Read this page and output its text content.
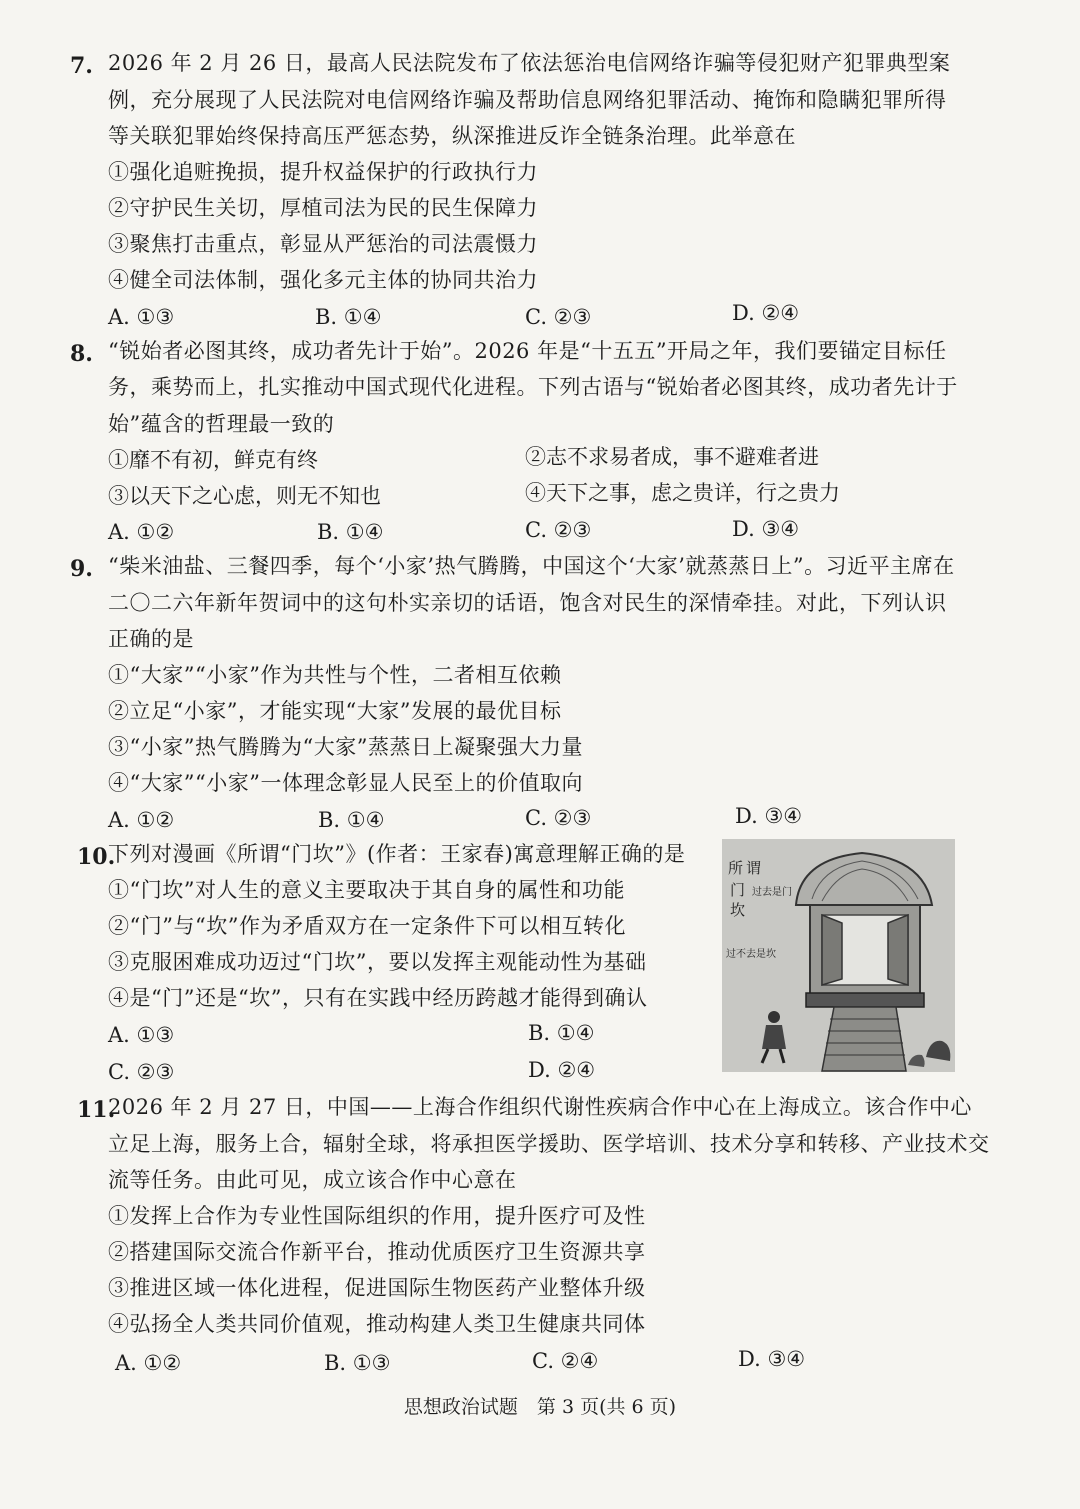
7. 2026 年 2 月 26 日，最高人民法院发布了依法惩治电信网络诈骗等侵犯财产犯罪典型案
例，充分展现了人民法院对电信网络诈骗及帮助信息网络犯罪活动、掩饰和隐瞒犯罪所得
等关联犯罪始终保持高压严惩态势，纵深推进反诈全链条治理。此举意在
①强化追赃挽损，提升权益保护的行政执行力
②守护民生关切，厚植司法为民的民生保障力
③聚焦打击重点，彰显从严惩治的司法震慑力
④健全司法体制，强化多元主体的协同共治力
A. ①③	B. ①④	C. ②③	D. ②④
8. “锐始者必图其终，成功者先计于始”。2026 年是“十五五”开局之年，我们要锚定目标任
务，乘势而上，扎实推动中国式现代化进程。下列古语与“锐始者必图其终，成功者先计于
始”蕴含的哲理最一致的
①靡不有初，鲜克有终	②志不求易者成，事不避难者进
③以天下之心虑，则无不知也	④天下之事，虑之贵详，行之贵力
A. ①②	B. ①④	C. ②③	D. ③④
9. “柴米油盐、三餐四季，每个‘小家’热气腾腾，中国这个‘大家’就蒸蒸日上”。习近平主席在
二〇二六年新年贺词中的这句朴实亲切的话语，饱含对民生的深情牵挂。对此，下列认识
正确的是
①“大家”“小家”作为共性与个性，二者相互依赖
②立足“小家”，才能实现“大家”发展的最优目标
③“小家”热气腾腾为“大家”蒸蒸日上凝聚强大力量
④“大家”“小家”一体理念彰显人民至上的价值取向
A. ①②	B. ①④	C. ②③	D. ③④
10.
下列对漫画《所谓“门坎”》(作者：王家春)寓意理解正确的是
①“门坎”对人生的意义主要取决于其自身的属性和功能
②“门”与“坎”作为矛盾双方在一定条件下可以相互转化
③克服困难成功迈过“门坎”，要以发挥主观能动性为基础
④是“门”还是“坎”，只有在实践中经历跨越才能得到确认
A. ①③	B. ①④
C. ②③	D. ②④
所 谓
门
坎
过去是门
过不去是坎
11.
2026 年 2 月 27 日，中国——上海合作组织代谢性疾病合作中心在上海成立。该合作中心
立足上海，服务上合，辐射全球，将承担医学援助、医学培训、技术分享和转移、产业技术交
流等任务。由此可见，成立该合作中心意在
①发挥上合作为专业性国际组织的作用，提升医疗可及性
②搭建国际交流合作新平台，推动优质医疗卫生资源共享
③推进区域一体化进程，促进国际生物医药产业整体升级
④弘扬全人类共同价值观，推动构建人类卫生健康共同体
A. ①②	B. ①③	C. ②④	D. ③④
思想政治试题　第 3 页(共 6 页)
